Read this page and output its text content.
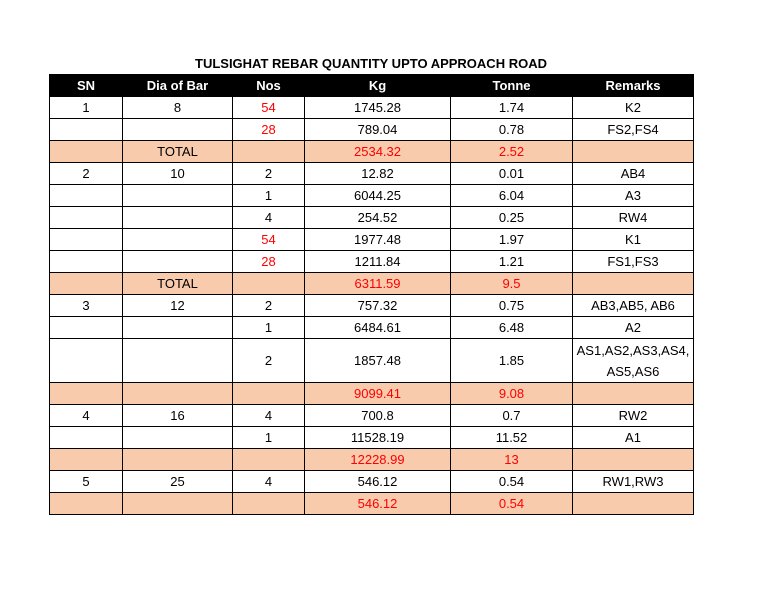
TULSIGHAT REBAR QUANTITY UPTO APPROACH ROAD
SN	Dia of Bar	Nos	Kg	Tonne	Remarks
1	8	54	1745.28	1.74	K2
		28	789.04	0.78	FS2,FS4
	TOTAL		2534.32	2.52	
2	10	2	12.82	0.01	AB4
		1	6044.25	6.04	A3
		4	254.52	0.25	RW4
		54	1977.48	1.97	K1
		28	1211.84	1.21	FS1,FS3
	TOTAL		6311.59	9.5	
3	12	2	757.32	0.75	AB3,AB5, AB6
		1	6484.61	6.48	A2
		2	1857.48	1.85	AS1,AS2,AS3,AS4, AS5,AS6
			9099.41	9.08	
4	16	4	700.8	0.7	RW2
		1	11528.19	11.52	A1
			12228.99	13	
5	25	4	546.12	0.54	RW1,RW3
			546.12	0.54	
